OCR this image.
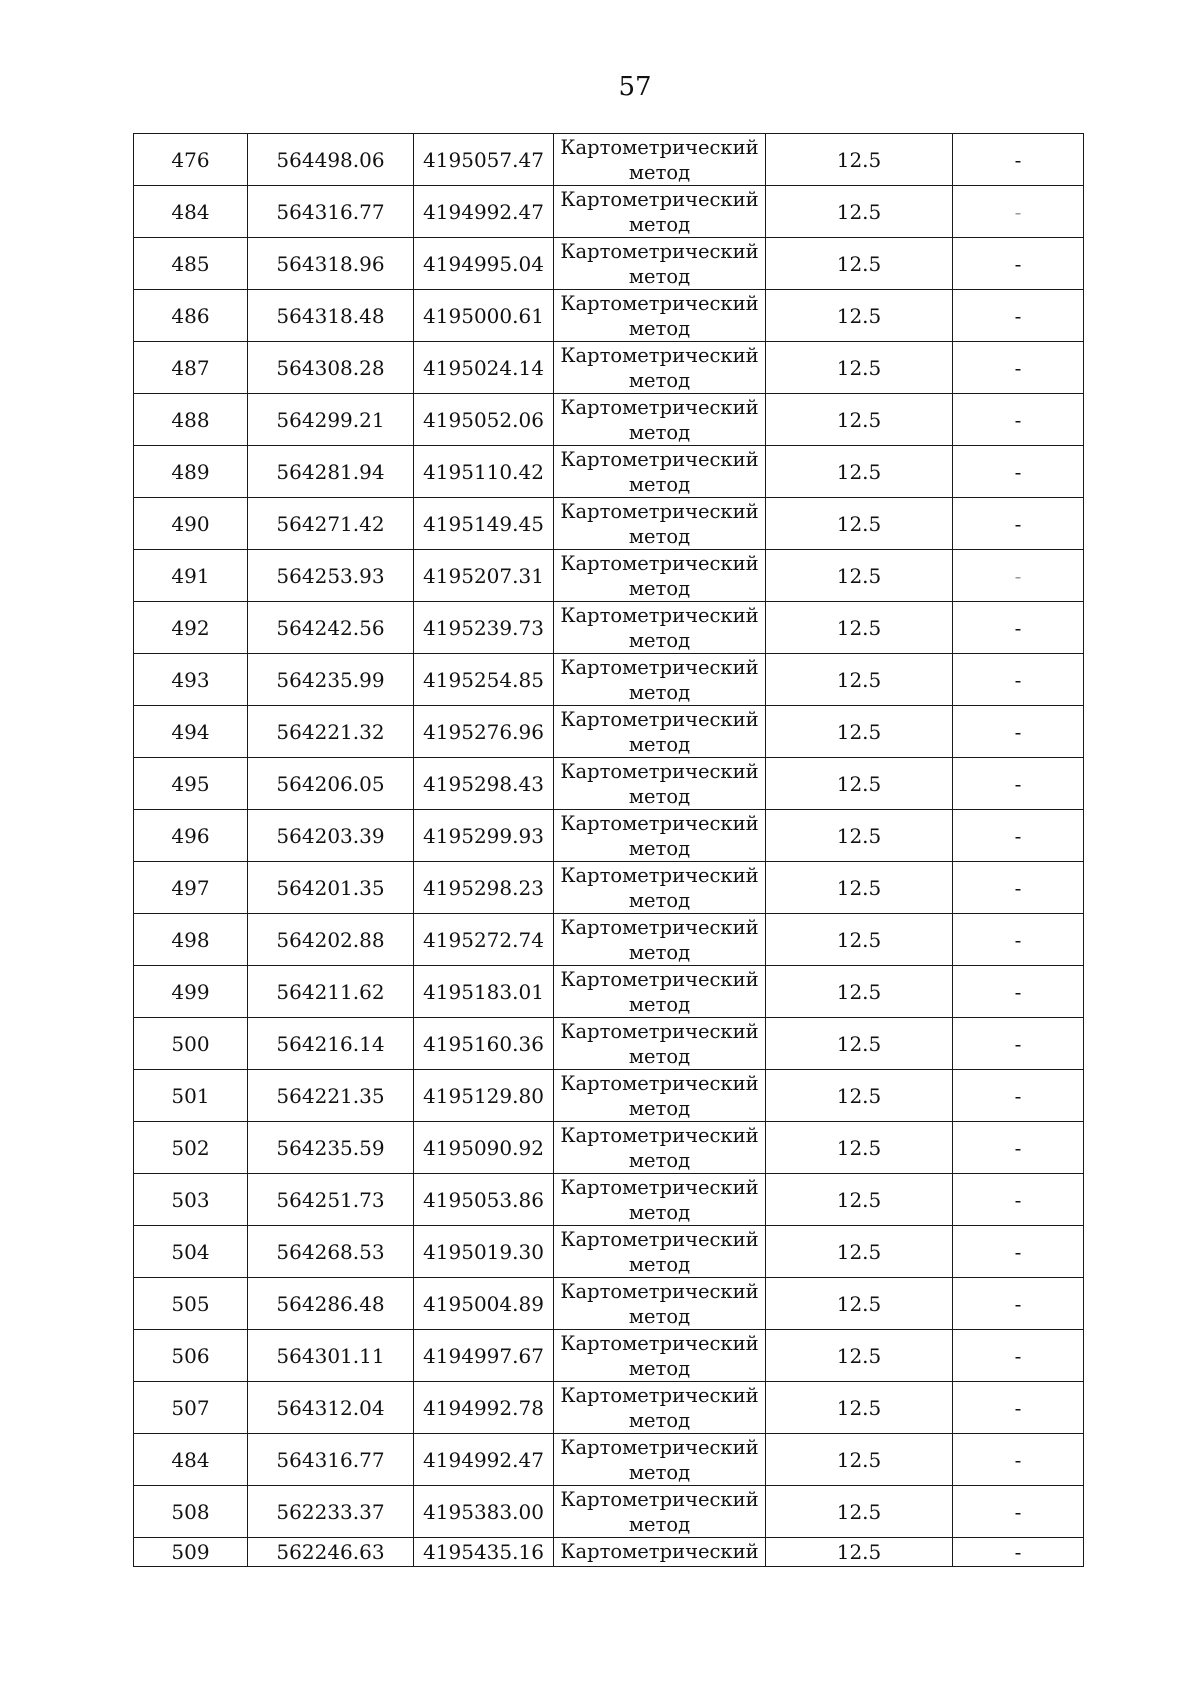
57
476	564498.06	4195057.47	Картометрический метод	12.5	-
484	564316.77	4194992.47	Картометрический метод	12.5	-
485	564318.96	4194995.04	Картометрический метод	12.5	-
486	564318.48	4195000.61	Картометрический метод	12.5	-
487	564308.28	4195024.14	Картометрический метод	12.5	-
488	564299.21	4195052.06	Картометрический метод	12.5	-
489	564281.94	4195110.42	Картометрический метод	12.5	-
490	564271.42	4195149.45	Картометрический метод	12.5	-
491	564253.93	4195207.31	Картометрический метод	12.5	-
492	564242.56	4195239.73	Картометрический метод	12.5	-
493	564235.99	4195254.85	Картометрический метод	12.5	-
494	564221.32	4195276.96	Картометрический метод	12.5	-
495	564206.05	4195298.43	Картометрический метод	12.5	-
496	564203.39	4195299.93	Картометрический метод	12.5	-
497	564201.35	4195298.23	Картометрический метод	12.5	-
498	564202.88	4195272.74	Картометрический метод	12.5	-
499	564211.62	4195183.01	Картометрический метод	12.5	-
500	564216.14	4195160.36	Картометрический метод	12.5	-
501	564221.35	4195129.80	Картометрический метод	12.5	-
502	564235.59	4195090.92	Картометрический метод	12.5	-
503	564251.73	4195053.86	Картометрический метод	12.5	-
504	564268.53	4195019.30	Картометрический метод	12.5	-
505	564286.48	4195004.89	Картометрический метод	12.5	-
506	564301.11	4194997.67	Картометрический метод	12.5	-
507	564312.04	4194992.78	Картометрический метод	12.5	-
484	564316.77	4194992.47	Картометрический метод	12.5	-
508	562233.37	4195383.00	Картометрический метод	12.5	-
509	562246.63	4195435.16	Картометрический	12.5	-
